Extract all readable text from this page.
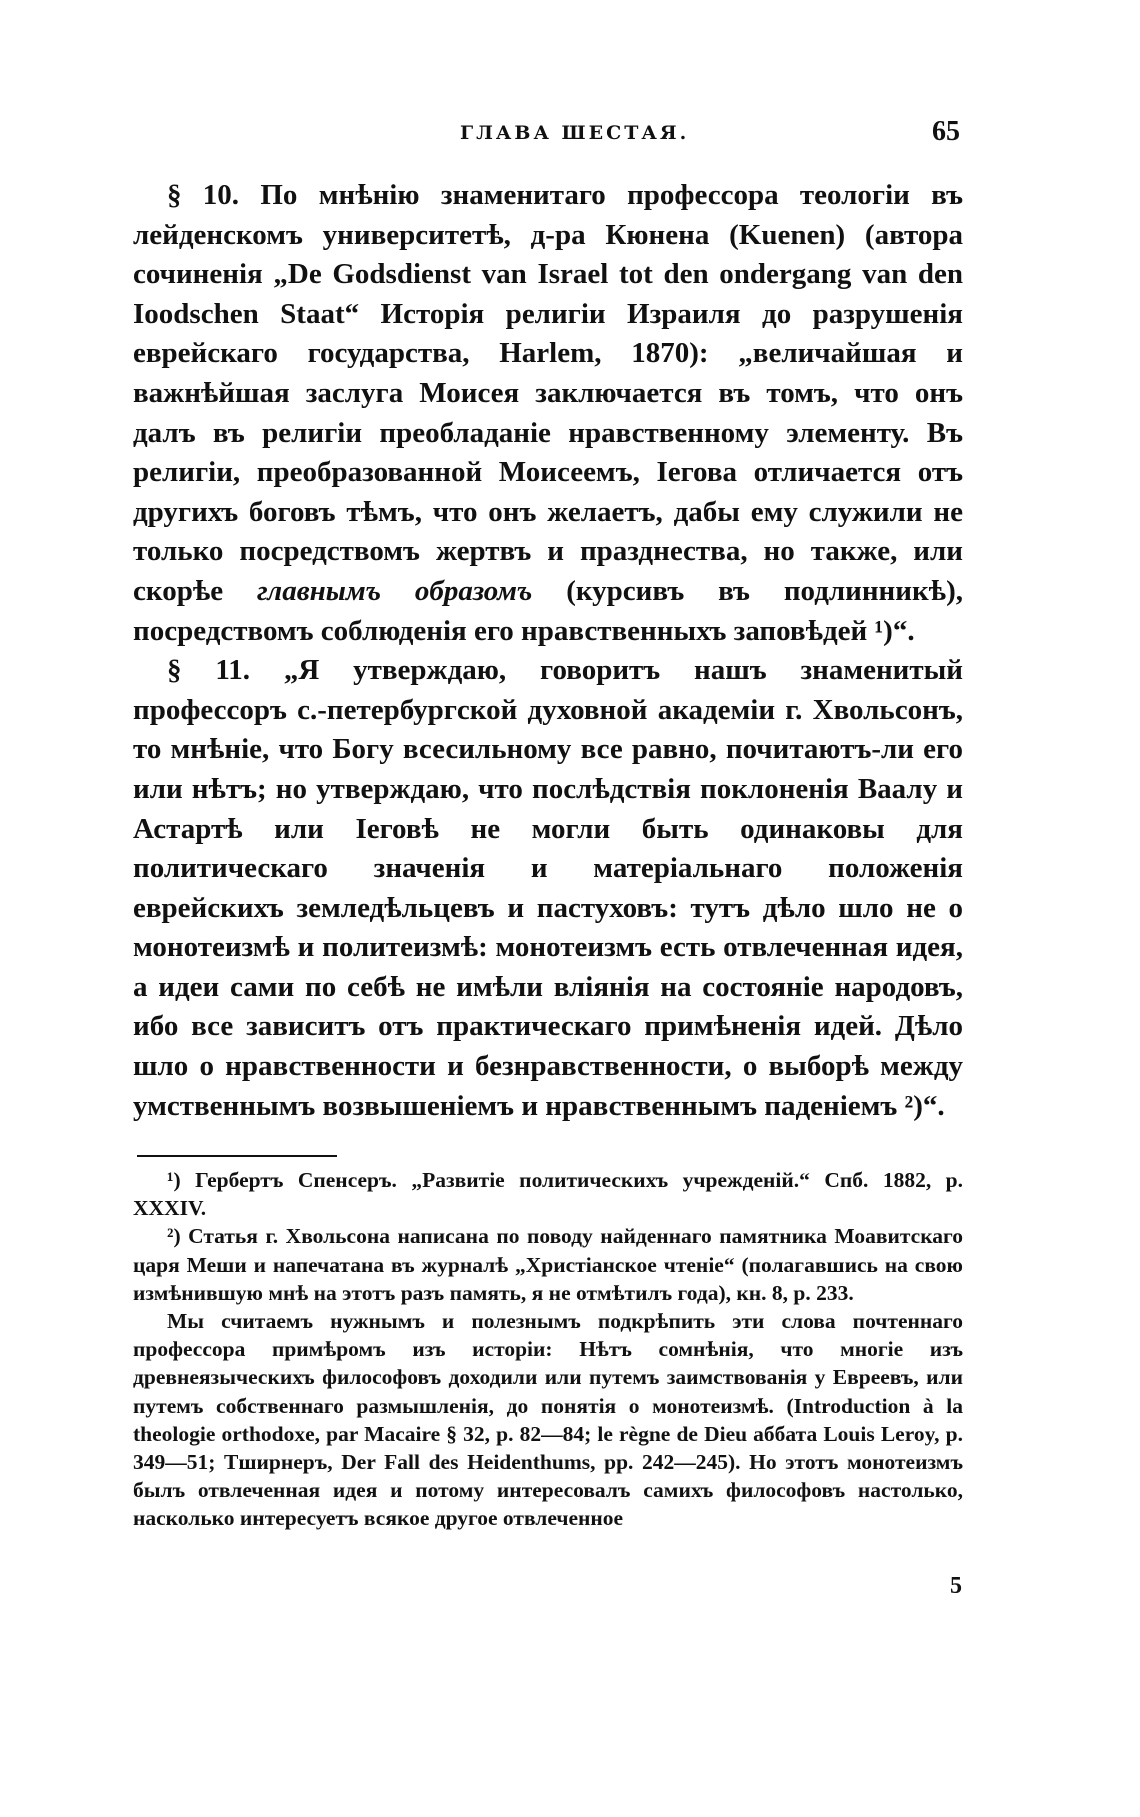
ГЛАВА ШЕСТАЯ.	65

§ 10. По мнѣнію знаменитаго профессора теологіи въ лейденскомъ университетѣ, д-ра Кюнена (Kuenen) (автора сочиненія „De Godsdienst van Israel tot den ondergang van den Ioodschen Staat“ Исторія религіи Израиля до разрушенія еврейскаго государства, Harlem, 1870): „величайшая и важнѣйшая заслуга Моисея заключается въ томъ, что онъ далъ въ религіи преобладаніе нравственному элементу. Въ религіи, преобразованной Моисеемъ, Іегова отличается отъ другихъ боговъ тѣмъ, что онъ желаетъ, дабы ему служили не только посредствомъ жертвъ и празднества, но также, или скорѣе главнымъ образомъ (курсивъ въ подлинникѣ), посредствомъ соблюденія его нравственныхъ заповѣдей ¹)“.

§ 11. „Я утверждаю, говоритъ нашъ знаменитый профессоръ с.-петербургской духовной академіи г. Хвольсонъ, то мнѣніе, что Богу всесильному все равно, почитаютъ-ли его или нѣтъ; но утверждаю, что послѣдствія поклоненія Ваалу и Астартѣ или Іеговѣ не могли быть одинаковы для политическаго значенія и матеріальнаго положенія еврейскихъ земледѣльцевъ и пастуховъ: тутъ дѣло шло не о монотеизмѣ и политеизмѣ: монотеизмъ есть отвлеченная идея, а идеи сами по себѣ не имѣли вліянія на состояніе народовъ, ибо все зависитъ отъ практическаго примѣненія идей. Дѣло шло о нравственности и безнравственности, о выборѣ между умственнымъ возвышеніемъ и нравственнымъ паденіемъ ²)“.

¹) Гербертъ Спенсеръ. „Развитіе политическихъ учрежденій.“ Спб. 1882, p. XXXIV.

²) Статья г. Хвольсона написана по поводу найденнаго памятника Моавитскаго царя Меши и напечатана въ журналѣ „Христіанское чтеніе“ (полагавшись на свою измѣнившую мнѣ на этотъ разъ память, я не отмѣтилъ года), кн. 8, р. 233.

Мы считаемъ нужнымъ и полезнымъ подкрѣпить эти слова почтеннаго профессора примѣромъ изъ исторіи: Нѣтъ сомнѣнія, что многіе изъ древнеязыческихъ философовъ доходили или путемъ заимствованія у Евреевъ, или путемъ собственнаго размышленія, до понятія о монотеизмѣ. (Introduction à la theologie orthodoxe, par Macaire § 32, p. 82—84; le règne de Dieu аббата Louis Leroy, p. 349—51; Тширнеръ, Der Fall des Heidenthums, pp. 242—245). Но этотъ монотеизмъ былъ отвлеченная идея и потому интересовалъ самихъ философовъ настолько, насколько интересуетъ всякое другое отвлеченное

5
